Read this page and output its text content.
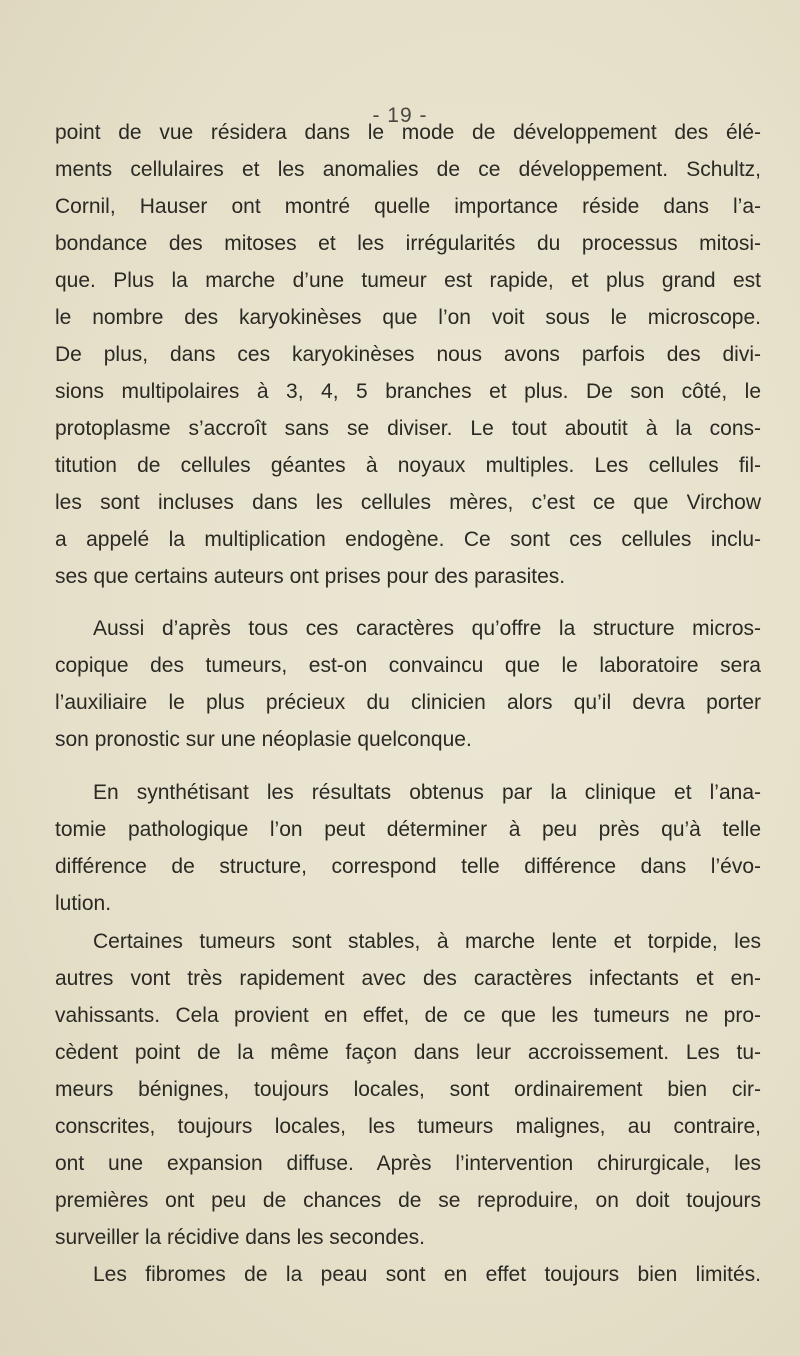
- 19 -
point de vue résidera dans le mode de développement des élé-
ments cellulaires et les anomalies de ce développement. Schultz,
Cornil, Hauser ont montré quelle importance réside dans l’a-
bondance des mitoses et les irrégularités du processus mitosi-
que. Plus la marche d’une tumeur est rapide, et plus grand est
le nombre des karyokinèses que l’on voit sous le microscope.
De plus, dans ces karyokinèses nous avons parfois des divi-
sions multipolaires à 3, 4, 5 branches et plus. De son côté, le
protoplasme s’accroît sans se diviser. Le tout aboutit à la cons-
titution de cellules géantes à noyaux multiples. Les cellules fil-
les sont incluses dans les cellules mères, c’est ce que Virchow
a appelé la multiplication endogène. Ce sont ces cellules inclu-
ses que certains auteurs ont prises pour des parasites.
Aussi d’après tous ces caractères qu’offre la structure micros-
copique des tumeurs, est-on convaincu que le laboratoire sera
l’auxiliaire le plus précieux du clinicien alors qu’il devra porter
son pronostic sur une néoplasie quelconque.
En synthétisant les résultats obtenus par la clinique et l’ana-
tomie pathologique l’on peut déterminer à peu près qu’à telle
différence de structure, correspond telle différence dans l’évo-
lution.
Certaines tumeurs sont stables, à marche lente et torpide, les
autres vont très rapidement avec des caractères infectants et en-
vahissants. Cela provient en effet, de ce que les tumeurs ne pro-
cèdent point de la même façon dans leur accroissement. Les tu-
meurs bénignes, toujours locales, sont ordinairement bien cir-
conscrites, toujours locales, les tumeurs malignes, au contraire,
ont une expansion diffuse. Après l’intervention chirurgicale, les
premières ont peu de chances de se reproduire, on doit toujours
surveiller la récidive dans les secondes.
Les fibromes de la peau sont en effet toujours bien limités.
